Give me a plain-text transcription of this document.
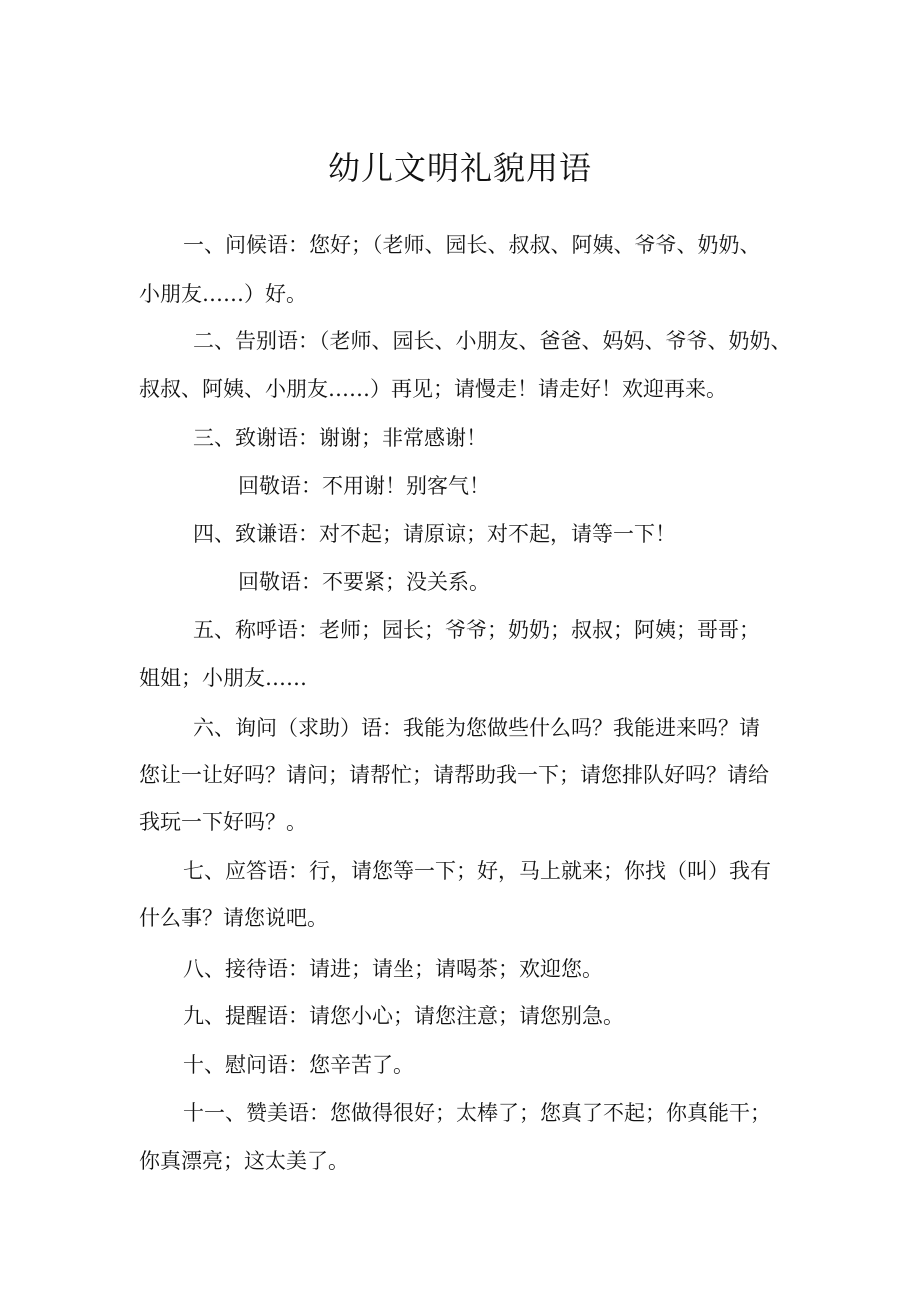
幼儿文明礼貌用语

一、问候语：您好；（老师、园长、叔叔、阿姨、爷爷、奶奶、

小朋友……）好。

二、告别语：（老师、园长、小朋友、爸爸、妈妈、爷爷、奶奶、

叔叔、阿姨、小朋友……）再见；请慢走！请走好！欢迎再来。

三、致谢语：谢谢；非常感谢！

回敬语：不用谢！别客气！

四、致谦语：对不起；请原谅；对不起，请等一下！

回敬语：不要紧；没关系。

五、称呼语：老师；园长；爷爷；奶奶；叔叔；阿姨；哥哥；

姐姐；小朋友……

六、询问（求助）语：我能为您做些什么吗？我能进来吗？请

您让一让好吗？请问；请帮忙；请帮助我一下；请您排队好吗？请给

我玩一下好吗？。

七、应答语：行，请您等一下；好，马上就来；你找（叫）我有

什么事？请您说吧。

八、接待语：请进；请坐；请喝茶；欢迎您。

九、提醒语：请您小心；请您注意；请您别急。

十、慰问语：您辛苦了。

十一、赞美语：您做得很好；太棒了；您真了不起；你真能干；

你真漂亮；这太美了。
